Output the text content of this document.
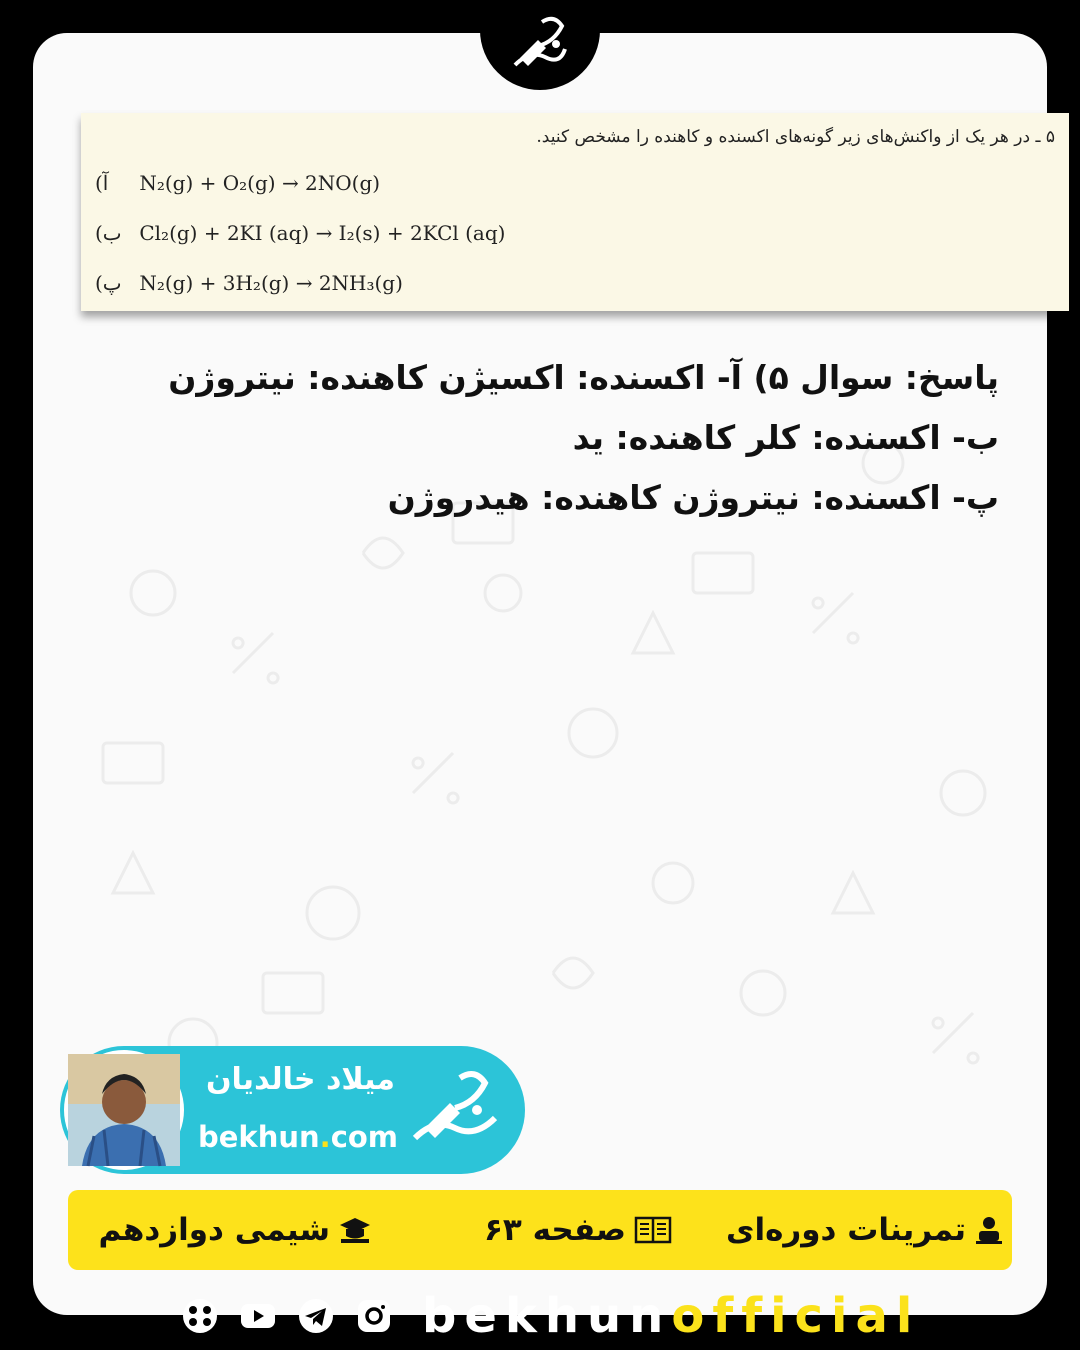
۵ ـ در هر یک از واکنش‌های زیر گونه‌های اکسنده و کاهنده را مشخص کنید.
آ) N₂(g) + O₂(g) → 2NO(g)
ب) Cl₂(g) + 2KI (aq) → I₂(s) + 2KCl (aq)
پ) N₂(g) + 3H₂(g) → 2NH₃(g)
پاسخ: سوال ۵) آ- اکسنده: اکسیژن کاهنده: نیتروژن
ب- اکسنده: کلر کاهنده: ید
پ- اکسنده: نیتروژن کاهنده: هیدروژن
میلاد خالدیان
bekhun.com
تمرینات دوره‌ای
صفحه ۶۳
شیمی دوازدهم
bekhunofficial
